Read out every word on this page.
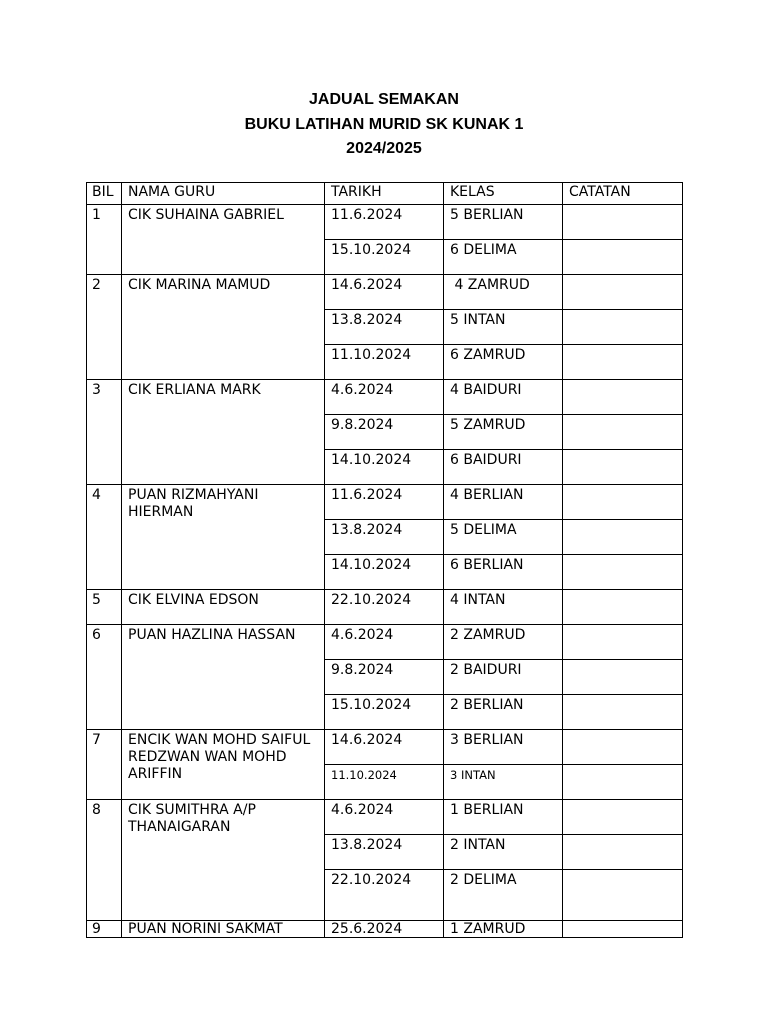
JADUAL SEMAKAN
BUKU LATIHAN MURID SK KUNAK 1
2024/2025
BIL	NAMA GURU	TARIKH	KELAS	CATATAN
1	CIK SUHAINA GABRIEL	11.6.2024	5 BERLIAN	
		15.10.2024	6 DELIMA	
2	CIK MARINA MAMUD	14.6.2024	4 ZAMRUD	
		13.8.2024	5 INTAN	
		11.10.2024	6 ZAMRUD	
3	CIK ERLIANA MARK	4.6.2024	4 BAIDURI	
		9.8.2024	5 ZAMRUD	
		14.10.2024	6 BAIDURI	
4	PUAN RIZMAHYANI HIERMAN	11.6.2024	4 BERLIAN	
		13.8.2024	5 DELIMA	
		14.10.2024	6 BERLIAN	
5	CIK ELVINA EDSON	22.10.2024	4 INTAN	
6	PUAN HAZLINA HASSAN	4.6.2024	2 ZAMRUD	
		9.8.2024	2 BAIDURI	
		15.10.2024	2 BERLIAN	
7	ENCIK WAN MOHD SAIFUL REDZWAN WAN MOHD ARIFFIN	14.6.2024	3 BERLIAN	
		11.10.2024	3 INTAN	
8	CIK SUMITHRA A/P THANAIGARAN	4.6.2024	1 BERLIAN	
		13.8.2024	2 INTAN	
		22.10.2024	2 DELIMA	
9	PUAN NORINI SAKMAT	25.6.2024	1 ZAMRUD	
